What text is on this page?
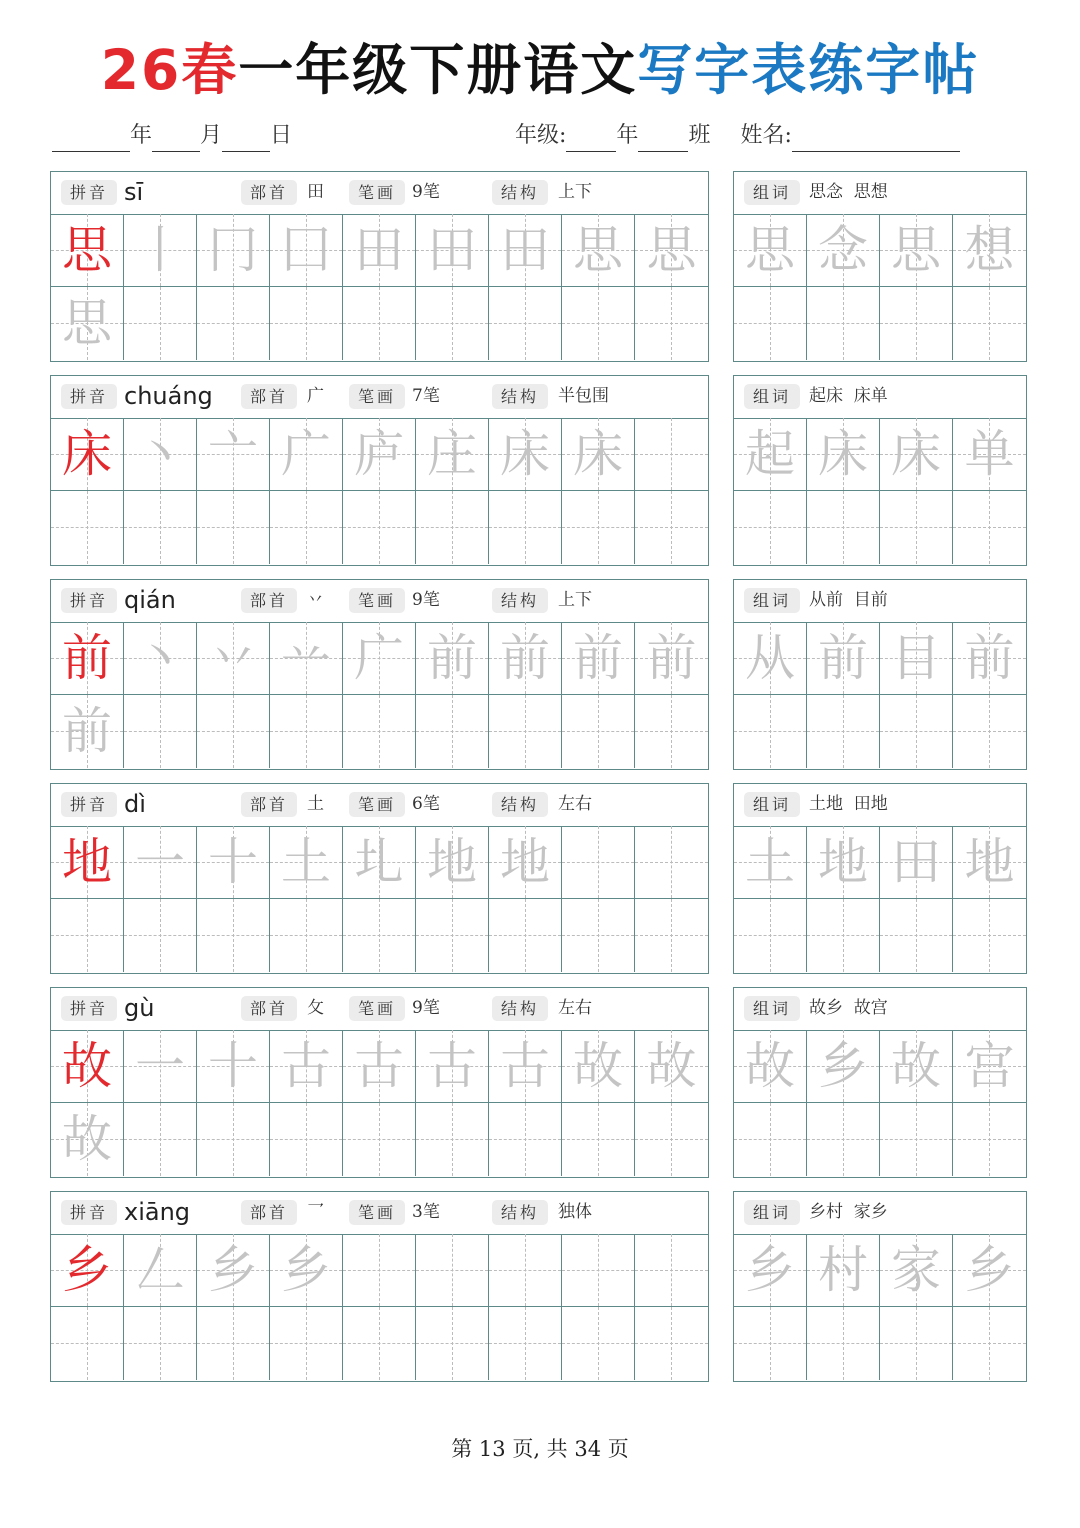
26春一年级下册语文写字表练字帖
年 月 日	年级: 年 班 姓名:
拼音 sī	部首	田	笔画 9笔	结构	上下
思 丨 冂 囗 田 田 田 思 思
思
组词	思念  思想
思 念 思 想
拼音 chuáng	部首	广	笔画 7笔	结构	半包围
床 丶 亠 广 庐 庄 床 床
组词	起床  床单
起 床 床 单
拼音 qián	部首	丷	笔画 9笔	结构	上下
前 丶 丷 䒑 广 前 前 前 前
前
组词	从前  目前
从 前 目 前
拼音 dì	部首	土	笔画 6笔	结构	左右
地 一 十 土 圠 地 地
组词	土地  田地
土 地 田 地
拼音 gù	部首	攵	笔画 9笔	结构	左右
故 一 十 古 古 古 古 故 故
故
组词	故乡  故宫
故 乡 故 宫
拼音 xiāng	部首	乛	笔画 3笔	结构	独体
乡 𠃋 乡 乡
组词	乡村  家乡
乡 村 家 乡
第 13 页, 共 34 页
